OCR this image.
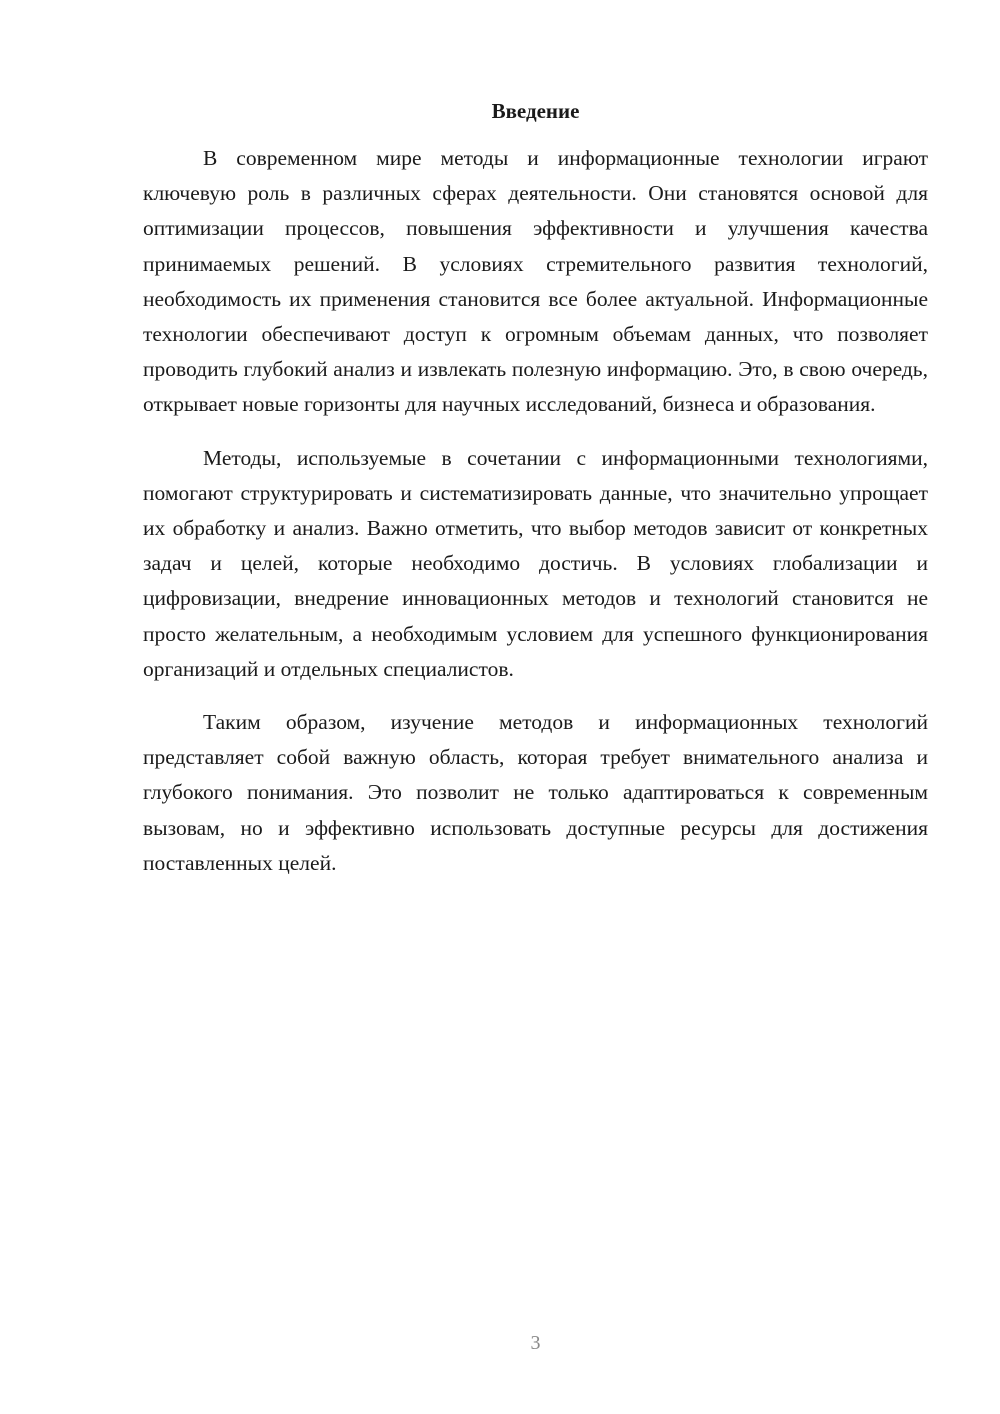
Введение

В современном мире методы и информационные технологии играют ключевую роль в различных сферах деятельности. Они становятся основой для оптимизации процессов, повышения эффективности и улучшения качества принимаемых решений. В условиях стремительного развития технологий, необходимость их применения становится все более актуальной. Информационные технологии обеспечивают доступ к огромным объемам данных, что позволяет проводить глубокий анализ и извлекать полезную информацию. Это, в свою очередь, открывает новые горизонты для научных исследований, бизнеса и образования.

Методы, используемые в сочетании с информационными технологиями, помогают структурировать и систематизировать данные, что значительно упрощает их обработку и анализ. Важно отметить, что выбор методов зависит от конкретных задач и целей, которые необходимо достичь. В условиях глобализации и цифровизации, внедрение инновационных методов и технологий становится не просто желательным, а необходимым условием для успешного функционирования организаций и отдельных специалистов.

Таким образом, изучение методов и информационных технологий представляет собой важную область, которая требует внимательного анализа и глубокого понимания. Это позволит не только адаптироваться к современным вызовам, но и эффективно использовать доступные ресурсы для достижения поставленных целей.

3
